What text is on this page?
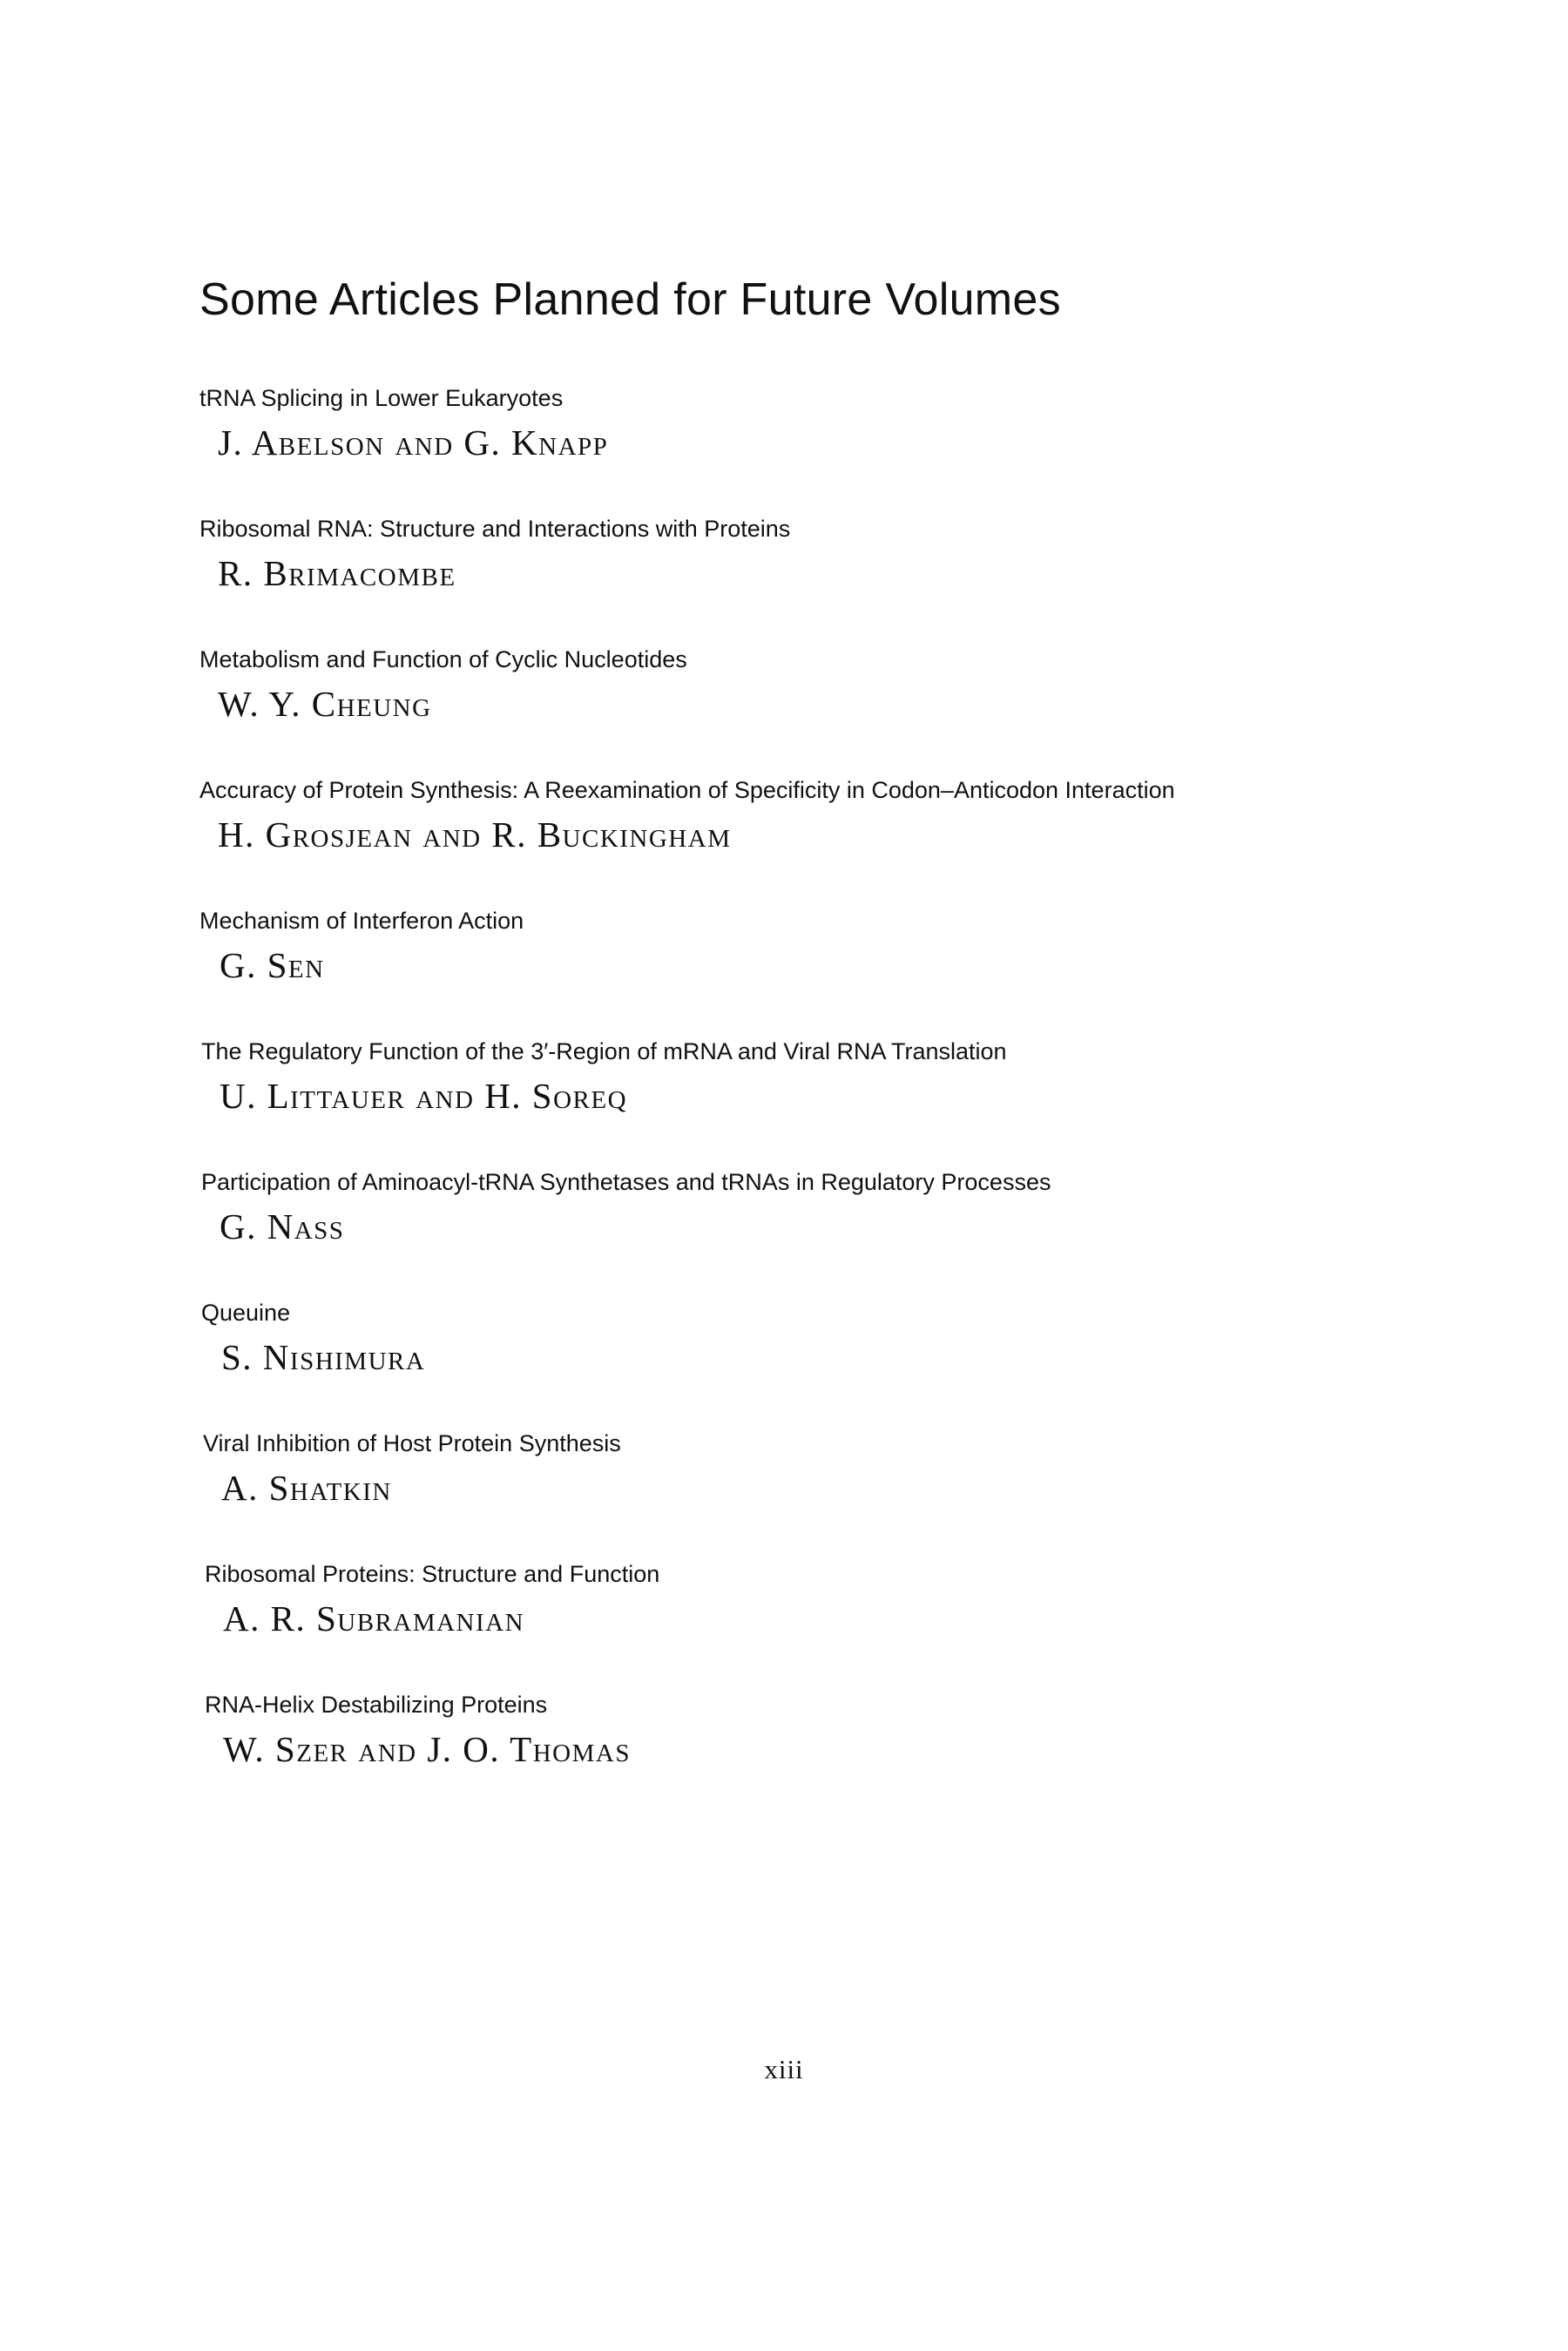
Some Articles Planned for Future Volumes

tRNA Splicing in Lower Eukaryotes

J. Abelson and G. Knapp

Ribosomal RNA: Structure and Interactions with Proteins

R. Brimacombe

Metabolism and Function of Cyclic Nucleotides

W. Y. Cheung

Accuracy of Protein Synthesis: A Reexamination of Specificity in Codon–Anticodon Interaction

H. Grosjean and R. Buckingham

Mechanism of Interferon Action

G. Sen

The Regulatory Function of the 3′-Region of mRNA and Viral RNA Translation

U. Littauer and H. Soreq

Participation of Aminoacyl-tRNA Synthetases and tRNAs in Regulatory Processes

G. Nass

Queuine

S. Nishimura

Viral Inhibition of Host Protein Synthesis

A. Shatkin

Ribosomal Proteins: Structure and Function

A. R. Subramanian

RNA-Helix Destabilizing Proteins

W. Szer and J. O. Thomas

xiii
